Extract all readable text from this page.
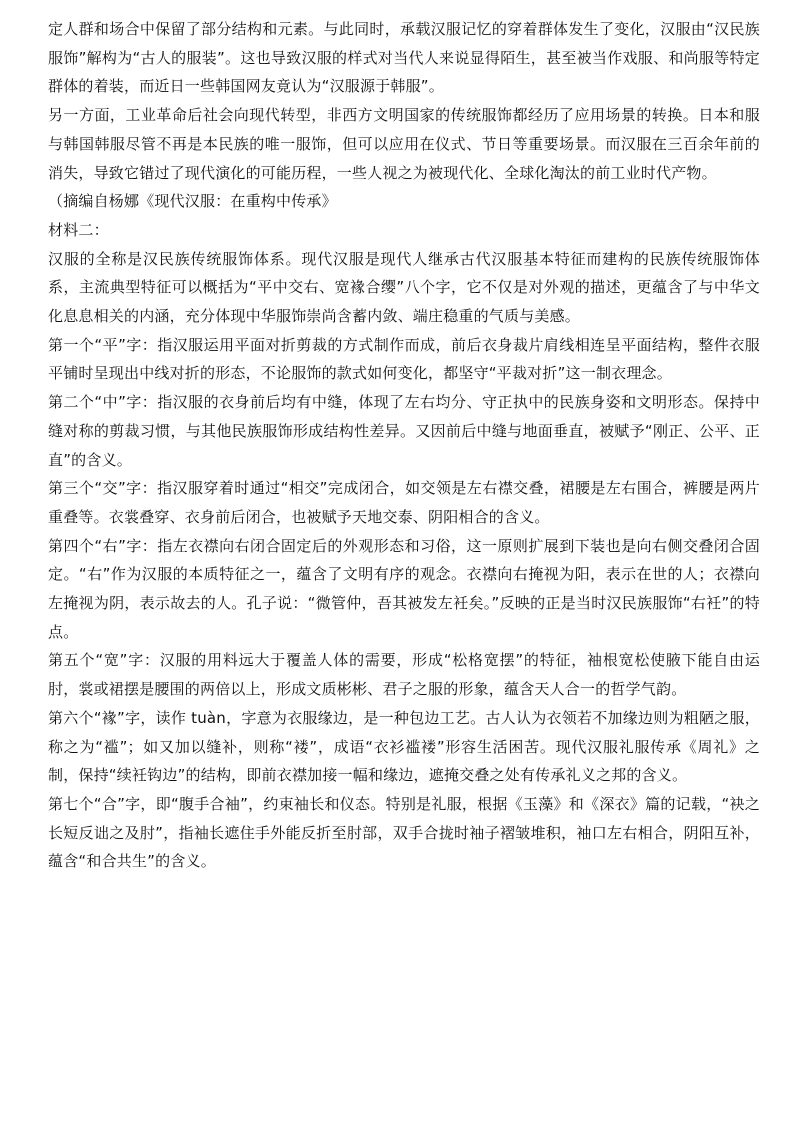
定人群和场合中保留了部分结构和元素。与此同时，承载汉服记忆的穿着群体发生了变化，汉服由“汉民族服饰”解构为“古人的服装”。这也导致汉服的样式对当代人来说显得陌生，甚至被当作戏服、和尚服等特定群体的着装，而近日一些韩国网友竟认为“汉服源于韩服”。

另一方面，工业革命后社会向现代转型，非西方文明国家的传统服饰都经历了应用场景的转换。日本和服与韩国韩服尽管不再是本民族的唯一服饰，但可以应用在仪式、节日等重要场景。而汉服在三百余年前的消失，导致它错过了现代演化的可能历程，一些人视之为被现代化、全球化淘汰的前工业时代产物。

（摘编自杨娜《现代汉服：在重构中传承》

材料二：

汉服的全称是汉民族传统服饰体系。现代汉服是现代人继承古代汉服基本特征而建构的民族传统服饰体系，主流典型特征可以概括为“平中交右、宽褖合缨”八个字，它不仅是对外观的描述，更蕴含了与中华文化息息相关的内涵，充分体现中华服饰崇尚含蓄内敛、端庄稳重的气质与美感。

第一个“平”字：指汉服运用平面对折剪裁的方式制作而成，前后衣身裁片肩线相连呈平面结构，整件衣服平铺时呈现出中线对折的形态，不论服饰的款式如何变化，都坚守“平裁对折”这一制衣理念。

第二个“中”字：指汉服的衣身前后均有中缝，体现了左右均分、守正执中的民族身姿和文明形态。保持中缝对称的剪裁习惯，与其他民族服饰形成结构性差异。又因前后中缝与地面垂直，被赋予“刚正、公平、正直”的含义。

第三个“交”字：指汉服穿着时通过“相交”完成闭合，如交领是左右襟交叠，裙腰是左右围合，裤腰是两片重叠等。衣裳叠穿、衣身前后闭合，也被赋予天地交泰、阴阳相合的含义。

第四个“右”字：指左衣襟向右闭合固定后的外观形态和习俗，这一原则扩展到下装也是向右侧交叠闭合固定。“右”作为汉服的本质特征之一，蕴含了文明有序的观念。衣襟向右掩视为阳，表示在世的人；衣襟向左掩视为阴，表示故去的人。孔子说：“微管仲，吾其被发左衽矣。”反映的正是当时汉民族服饰“右衽”的特点。

第五个“宽”字：汉服的用料远大于覆盖人体的需要，形成“松格宽摆”的特征，袖根宽松使腋下能自由运肘，裳或裙摆是腰围的两倍以上，形成文质彬彬、君子之服的形象，蕴含天人合一的哲学气韵。

第六个“褖”字，读作 tuàn，字意为衣服缘边，是一种包边工艺。古人认为衣领若不加缘边则为粗陋之服，称之为“褴”；如又加以缝补，则称“褛”，成语“衣衫褴褛”形容生活困苦。现代汉服礼服传承《周礼》之制，保持“续衽钩边”的结构，即前衣襟加接一幅和缘边，遮掩交叠之处有传承礼义之邦的含义。

第七个“合”字，即“腹手合袖”，约束袖长和仪态。特别是礼服，根据《玉藻》和《深衣》篇的记载，“袂之长短反诎之及肘”，指袖长遮住手外能反折至肘部，双手合拢时袖子褶皱堆积，袖口左右相合，阴阳互补，蕴含“和合共生”的含义。
